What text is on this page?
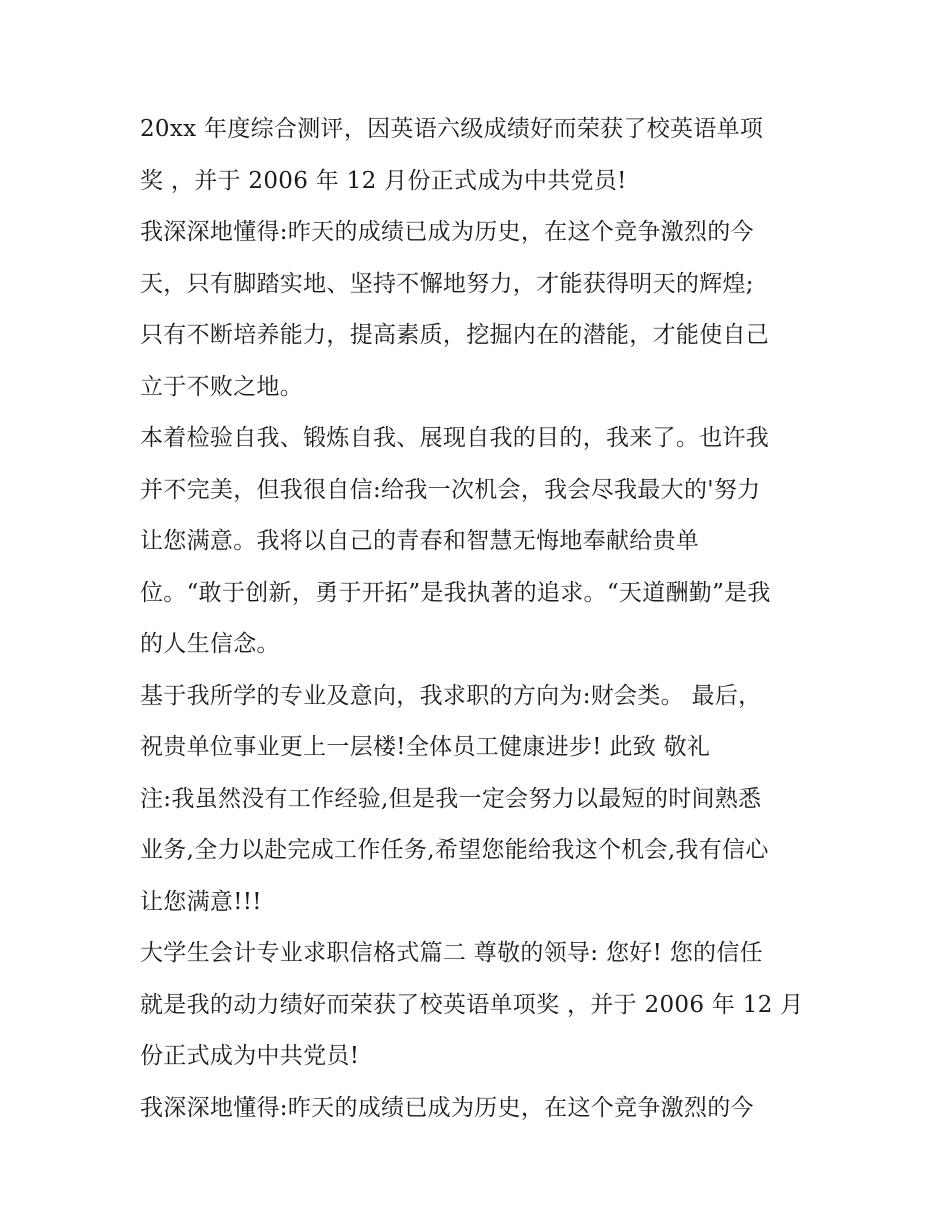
20xx 年度综合测评，因英语六级成绩好而荣获了校英语单项
奖 ，并于 2006 年 12 月份正式成为中共党员!
我深深地懂得:昨天的成绩已成为历史，在这个竞争激烈的今
天，只有脚踏实地、坚持不懈地努力，才能获得明天的辉煌;
只有不断培养能力，提高素质，挖掘内在的潜能，才能使自己
立于不败之地。
本着检验自我、锻炼自我、展现自我的目的，我来了。也许我
并不完美，但我很自信:给我一次机会，我会尽我最大的'努力
让您满意。我将以自己的青春和智慧无悔地奉献给贵单
位。“敢于创新，勇于开拓”是我执著的追求。“天道酬勤”是我
的人生信念。
基于我所学的专业及意向，我求职的方向为:财会类。 最后，
祝贵单位事业更上一层楼!全体员工健康进步! 此致 敬礼
注:我虽然没有工作经验,但是我一定会努力以最短的时间熟悉
业务,全力以赴完成工作任务,希望您能给我这个机会,我有信心
让您满意!!!
大学生会计专业求职信格式篇二 尊敬的领导: 您好! 您的信任
就是我的动力绩好而荣获了校英语单项奖 ，并于 2006 年 12 月
份正式成为中共党员!
我深深地懂得:昨天的成绩已成为历史，在这个竞争激烈的今
